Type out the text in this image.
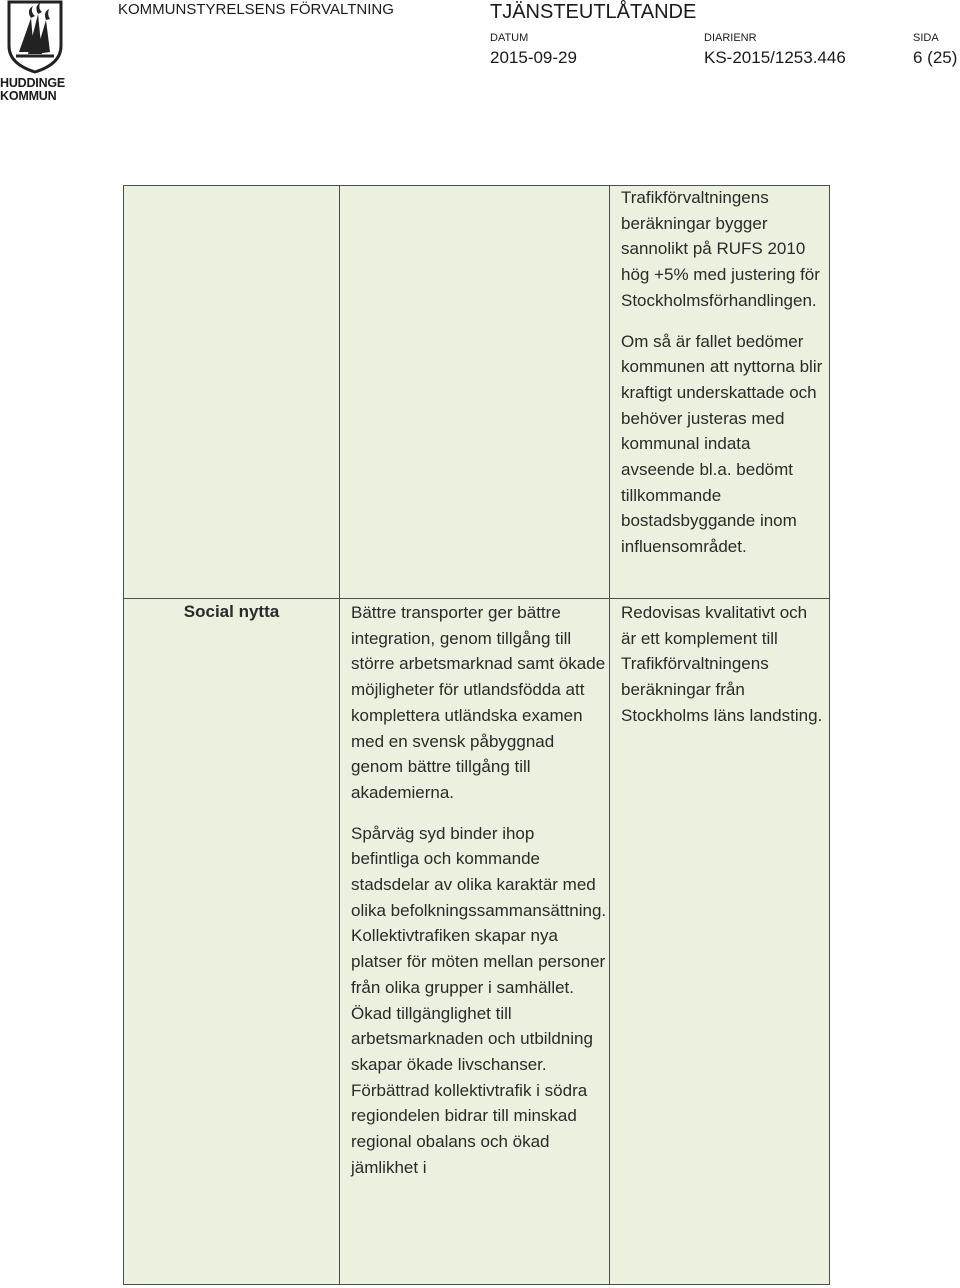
HUDDINGE
KOMMUN
KOMMUNSTYRELSENS FÖRVALTNING	TJÄNSTEUTLÅTANDE
DATUM
2015-09-29
DIARIENR
KS-2015/1253.446
SIDA
6 (25)

		Trafikförvaltningens beräkningar bygger sannolikt på RUFS 2010 hög +5% med justering för Stockholmsförhandlingen.

Om så är fallet bedömer kommunen att nyttorna blir kraftigt underskattade och behöver justeras med kommunal indata avseende bl.a. bedömt tillkommande bostadsbyggande inom influensområdet.

Social nytta	Bättre transporter ger bättre integration, genom tillgång till större arbetsmarknad samt ökade möjligheter för utlandsfödda att komplettera utländska examen med en svensk påbyggnad genom bättre tillgång till akademierna.

Spårväg syd binder ihop befintliga och kommande stadsdelar av olika karaktär med olika befolkningssammansättning. Kollektivtrafiken skapar nya platser för möten mellan personer från olika grupper i samhället. Ökad tillgänglighet till arbetsmarknaden och utbildning skapar ökade livschanser. Förbättrad kollektivtrafik i södra regiondelen bidrar till minskad regional obalans och ökad jämlikhet i	Redovisas kvalitativt och är ett komplement till Trafikförvaltningens beräkningar från Stockholms läns landsting.
